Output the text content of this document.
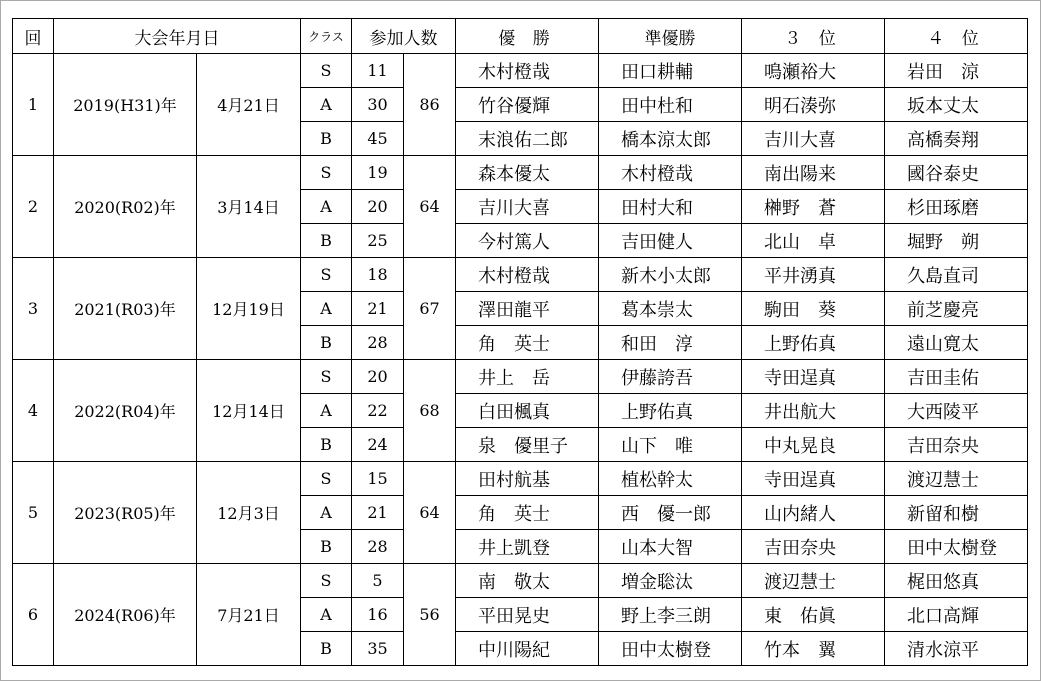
回	大会年月日		クラス	参加人数		優 勝	準優勝	３ 位	４ 位
1	2019(H31)年	4月21日	S	11	86	木村橙哉	田口耕輔	鳴瀬裕大	岩田　涼
			A	30		竹谷優輝	田中杜和	明石湊弥	坂本丈太
			B	45		末浪佑二郎	橋本涼太郎	吉川大喜	高橋奏翔
2	2020(R02)年	3月14日	S	19	64	森本優太	木村橙哉	南出陽来	國谷泰史
			A	20		吉川大喜	田村大和	榊野　蒼	杉田琢磨
			B	25		今村篤人	吉田健人	北山　卓	堀野　朔
3	2021(R03)年	12月19日	S	18	67	木村橙哉	新木小太郎	平井湧真	久島直司
			A	21		澤田龍平	葛本崇太	駒田　葵	前芝慶亮
			B	28		角　英士	和田　淳	上野佑真	遠山寛太
4	2022(R04)年	12月14日	S	20	68	井上　岳	伊藤誇吾	寺田逞真	吉田圭佑
			A	22		白田楓真	上野佑真	井出航大	大西陵平
			B	24		泉　優里子	山下　唯	中丸晃良	吉田奈央
5	2023(R05)年	12月3日	S	15	64	田村航基	植松幹太	寺田逞真	渡辺慧士
			A	21		角　英士	西　優一郎	山内緒人	新留和樹
			B	28		井上凱登	山本大智	吉田奈央	田中太樹登
6	2024(R06)年	7月21日	S	5	56	南　敬太	増金聡汰	渡辺慧士	梶田悠真
			A	16		平田晃史	野上李三朗	東　佑眞	北口高輝
			B	35		中川陽紀	田中太樹登	竹本　翼	清水涼平
